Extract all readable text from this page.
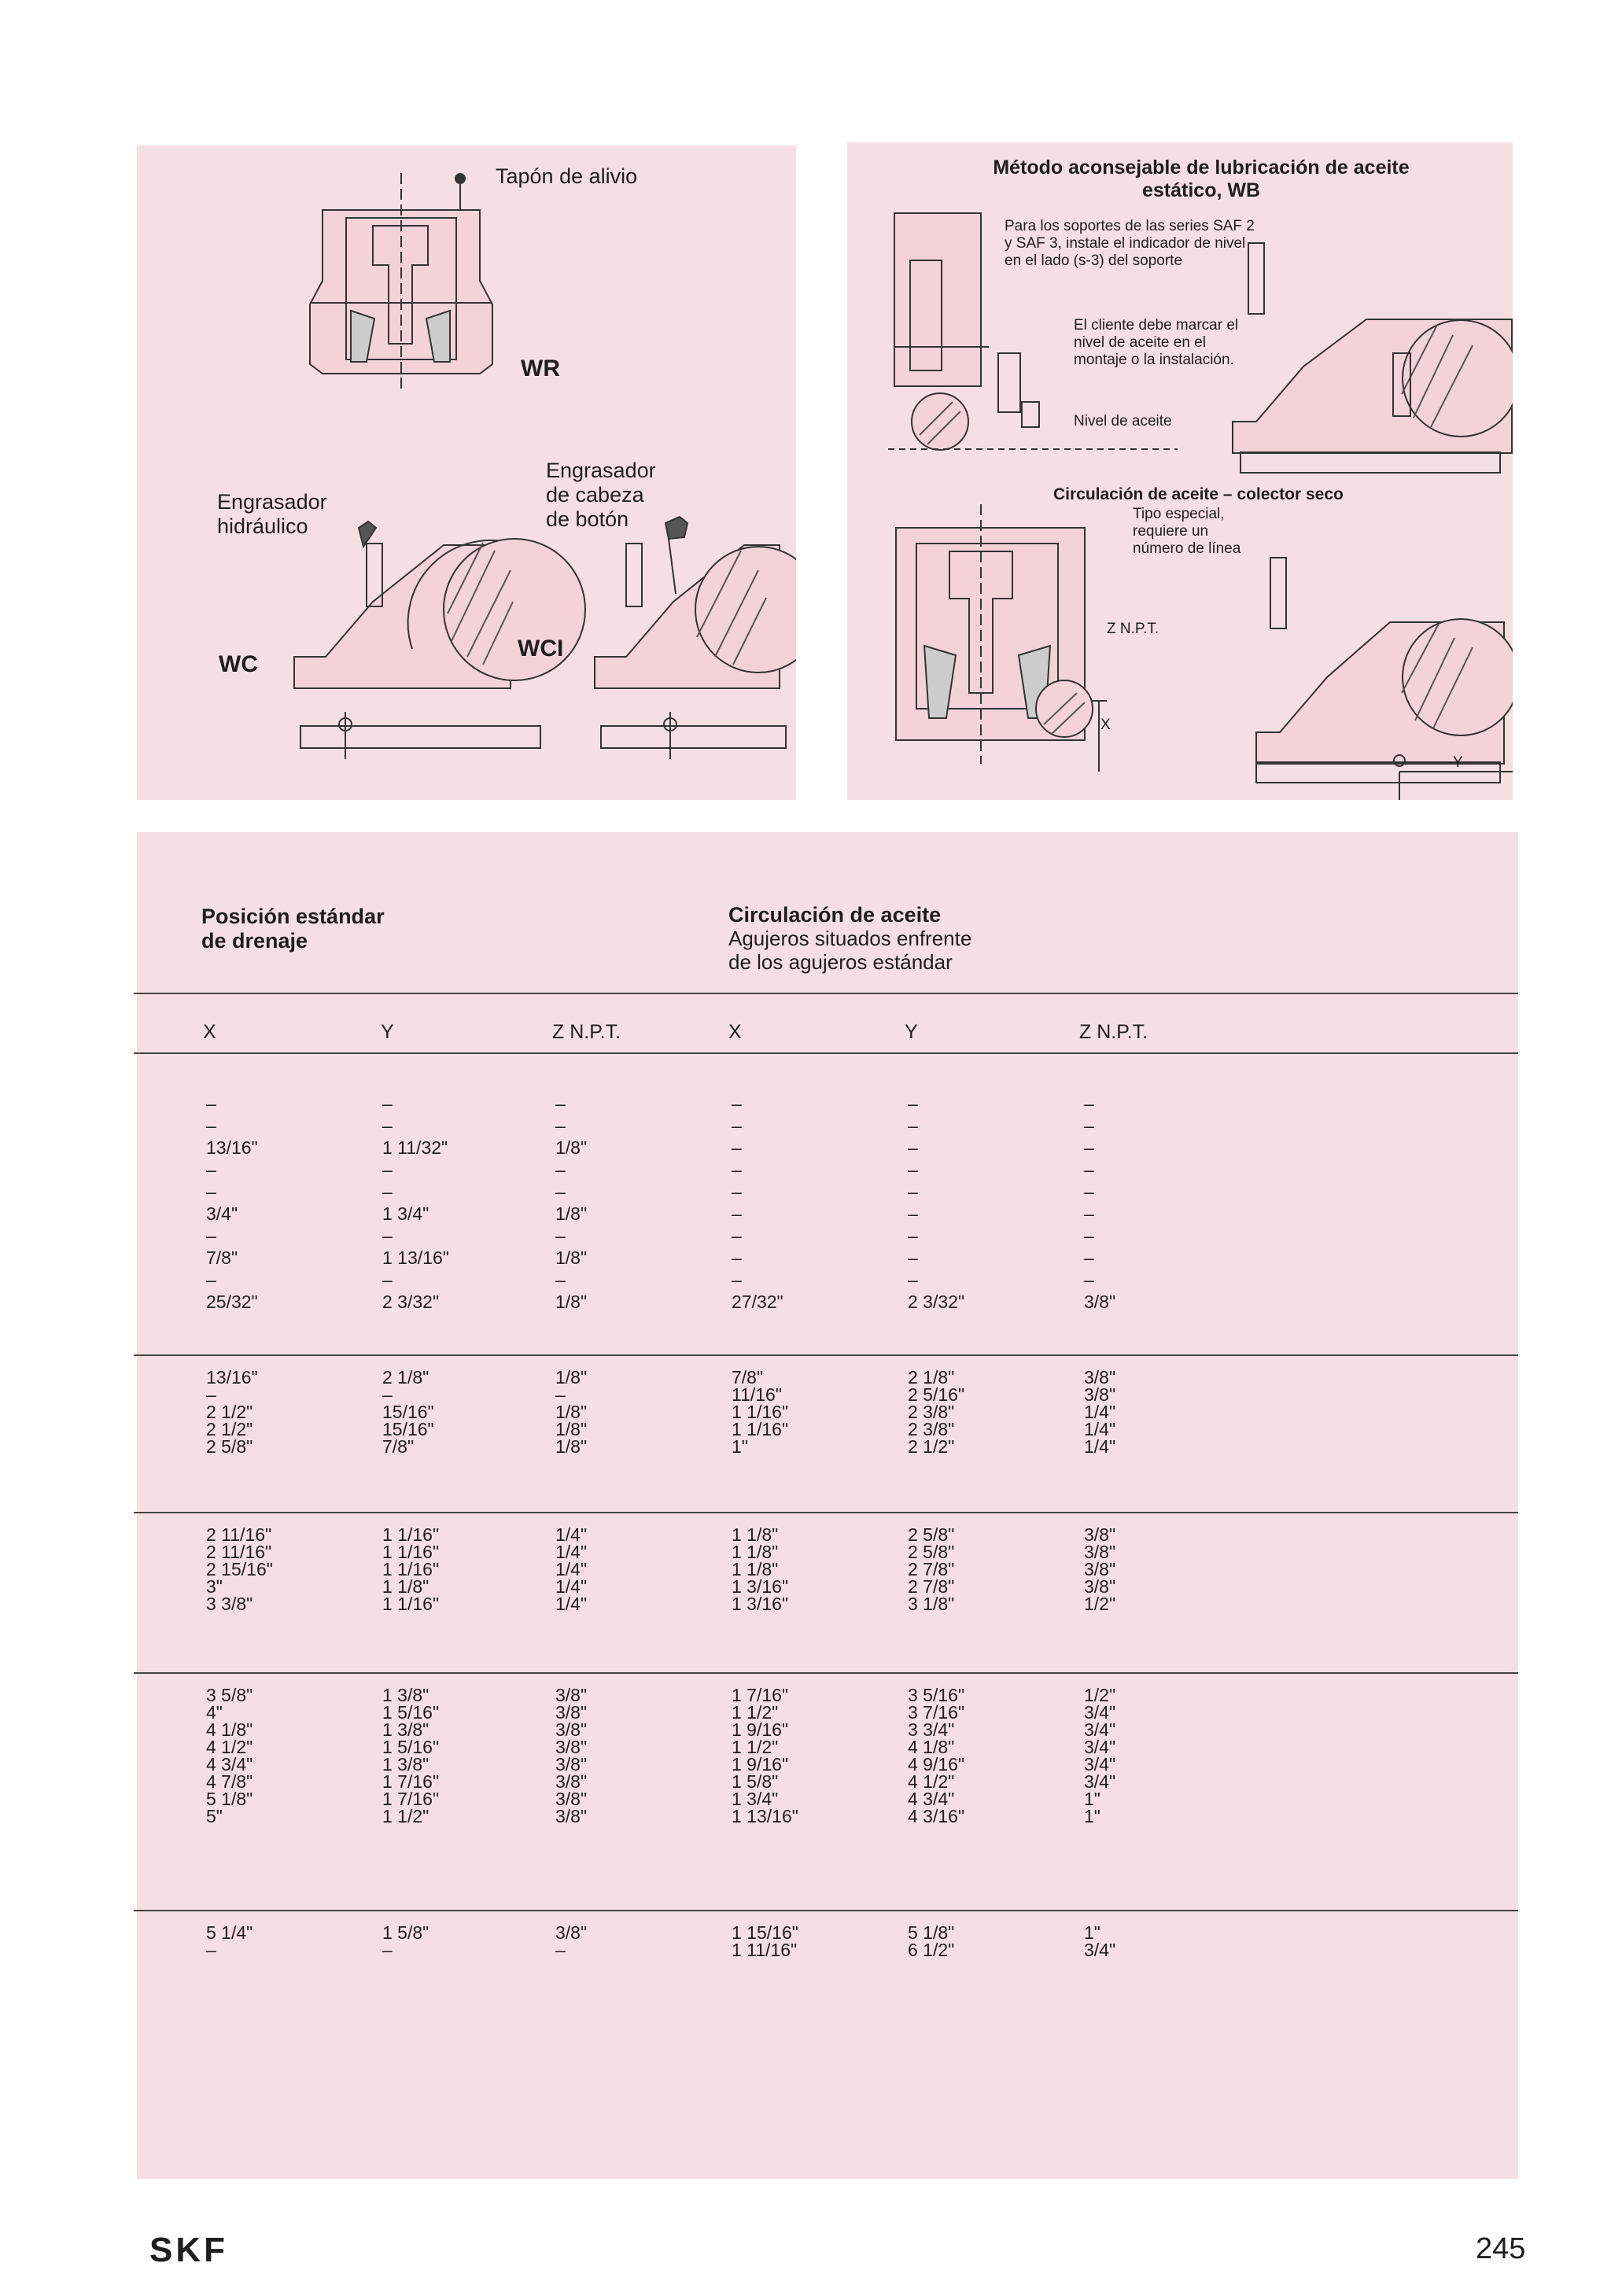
Tapón de alivio
WR
Engrasador
hidráulico
Engrasador
de cabeza
de botón
WC
WCI
Método aconsejable de lubricación de aceite
estático, WB
Para los soportes de las series SAF 2
y SAF 3, instale el indicador de nivel
en el lado (s-3) del soporte
El cliente debe marcar el
nivel de aceite en el
montaje o la instalación.
Nivel de aceite
Circulación de aceite – colector seco
Tipo especial,
requiere un
número de línea
Z N.P.T.
X
Y
Posición estándar
de drenaje
Circulación de aceite
Agujeros situados enfrente
de los agujeros estándar
X	Y	Z N.P.T.	X	Y	Z N.P.T.
–	–	–	–	–	–
–	–	–	–	–	–
13/16"	1 11/32"	1/8"	–	–	–
–	–	–	–	–	–
–	–	–	–	–	–
3/4"	1 3/4"	1/8"	–	–	–
–	–	–	–	–	–
7/8"	1 13/16"	1/8"	–	–	–
–	–	–	–	–	–
25/32"	2 3/32"	1/8"	27/32"	2 3/32"	3/8"
13/16"	2 1/8"	1/8"	7/8"	2 1/8"	3/8"
–	–	–	11/16"	2 5/16"	3/8"
2 1/2"	15/16"	1/8"	1 1/16"	2 3/8"	1/4"
2 1/2"	15/16"	1/8"	1 1/16"	2 3/8"	1/4"
2 5/8"	7/8"	1/8"	1"	2 1/2"	1/4"
2 11/16"	1 1/16"	1/4"	1 1/8"	2 5/8"	3/8"
2 11/16"	1 1/16"	1/4"	1 1/8"	2 5/8"	3/8"
2 15/16"	1 1/16"	1/4"	1 1/8"	2 7/8"	3/8"
3"	1 1/8"	1/4"	1 3/16"	2 7/8"	3/8"
3 3/8"	1 1/16"	1/4"	1 3/16"	3 1/8"	1/2"
3 5/8"	1 3/8"	3/8"	1 7/16"	3 5/16"	1/2"
4"	1 5/16"	3/8"	1 1/2"	3 7/16"	3/4"
4 1/8"	1 3/8"	3/8"	1 9/16"	3 3/4"	3/4"
4 1/2"	1 5/16"	3/8"	1 1/2"	4 1/8"	3/4"
4 3/4"	1 3/8"	3/8"	1 9/16"	4 9/16"	3/4"
4 7/8"	1 7/16"	3/8"	1 5/8"	4 1/2"	3/4"
5 1/8"	1 7/16"	3/8"	1 3/4"	4 3/4"	1"
5"	1 1/2"	3/8"	1 13/16"	4 3/16"	1"
5 1/4"	1 5/8"	3/8"	1 15/16"	5 1/8"	1"
–	–	–	1 11/16"	6 1/2"	3/4"
SKF	245
